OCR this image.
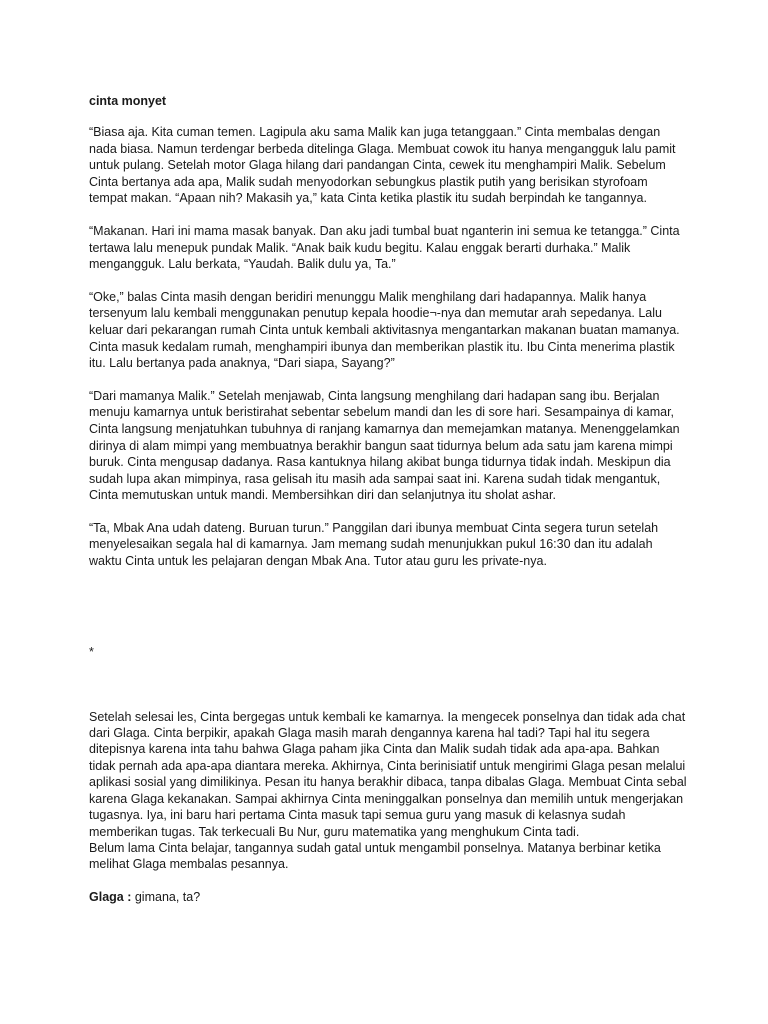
cinta monyet

“Biasa aja. Kita cuman temen. Lagipula aku sama Malik kan juga tetanggaan.” Cinta membalas dengan nada biasa. Namun terdengar berbeda ditelinga Glaga. Membuat cowok itu hanya mengangguk lalu pamit untuk pulang. Setelah motor Glaga hilang dari pandangan Cinta, cewek itu menghampiri Malik. Sebelum Cinta bertanya ada apa, Malik sudah menyodorkan sebungkus plastik putih yang berisikan styrofoam tempat makan. “Apaan nih? Makasih ya,” kata Cinta ketika plastik itu sudah berpindah ke tangannya.

“Makanan. Hari ini mama masak banyak. Dan aku jadi tumbal buat nganterin ini semua ke tetangga.” Cinta tertawa lalu menepuk pundak Malik. “Anak baik kudu begitu. Kalau enggak berarti durhaka.” Malik mengangguk. Lalu berkata, “Yaudah. Balik dulu ya, Ta.”

“Oke,” balas Cinta masih dengan beridiri menunggu Malik menghilang dari hadapannya. Malik hanya tersenyum lalu kembali menggunakan penutup kepala hoodie¬-nya dan memutar arah sepedanya. Lalu keluar dari pekarangan rumah Cinta untuk kembali aktivitasnya mengantarkan makanan buatan mamanya. Cinta masuk kedalam rumah, menghampiri ibunya dan memberikan plastik itu. Ibu Cinta menerima plastik itu. Lalu bertanya pada anaknya, “Dari siapa, Sayang?”

“Dari mamanya Malik.” Setelah menjawab, Cinta langsung menghilang dari hadapan sang ibu. Berjalan menuju kamarnya untuk beristirahat sebentar sebelum mandi dan les di sore hari. Sesampainya di kamar, Cinta langsung menjatuhkan tubuhnya di ranjang kamarnya dan memejamkan matanya. Menenggelamkan dirinya di alam mimpi yang membuatnya berakhir bangun saat tidurnya belum ada satu jam karena mimpi buruk. Cinta mengusap dadanya. Rasa kantuknya hilang akibat bunga tidurnya tidak indah. Meskipun dia sudah lupa akan mimpinya, rasa gelisah itu masih ada sampai saat ini. Karena sudah tidak mengantuk, Cinta memutuskan untuk mandi. Membersihkan diri dan selanjutnya itu sholat ashar.

“Ta, Mbak Ana udah dateng. Buruan turun.” Panggilan dari ibunya membuat Cinta segera turun setelah menyelesaikan segala hal di kamarnya. Jam memang sudah menunjukkan pukul 16:30 dan itu adalah waktu Cinta untuk les pelajaran dengan Mbak Ana. Tutor atau guru les private-nya.

*

Setelah selesai les, Cinta bergegas untuk kembali ke kamarnya. Ia mengecek ponselnya dan tidak ada chat dari Glaga. Cinta berpikir, apakah Glaga masih marah dengannya karena hal tadi? Tapi hal itu segera ditepisnya karena inta tahu bahwa Glaga paham jika Cinta dan Malik sudah tidak ada apa-apa. Bahkan tidak pernah ada apa-apa diantara mereka. Akhirnya, Cinta berinisiatif untuk mengirimi Glaga pesan melalui aplikasi sosial yang dimilikinya. Pesan itu hanya berakhir dibaca, tanpa dibalas Glaga. Membuat Cinta sebal karena Glaga kekanakan. Sampai akhirnya Cinta meninggalkan ponselnya dan memilih untuk mengerjakan tugasnya. Iya, ini baru hari pertama Cinta masuk tapi semua guru yang masuk di kelasnya sudah memberikan tugas. Tak terkecuali Bu Nur, guru matematika yang menghukum Cinta tadi.

Belum lama Cinta belajar, tangannya sudah gatal untuk mengambil ponselnya. Matanya berbinar ketika melihat Glaga membalas pesannya.

Glaga : gimana, ta?
